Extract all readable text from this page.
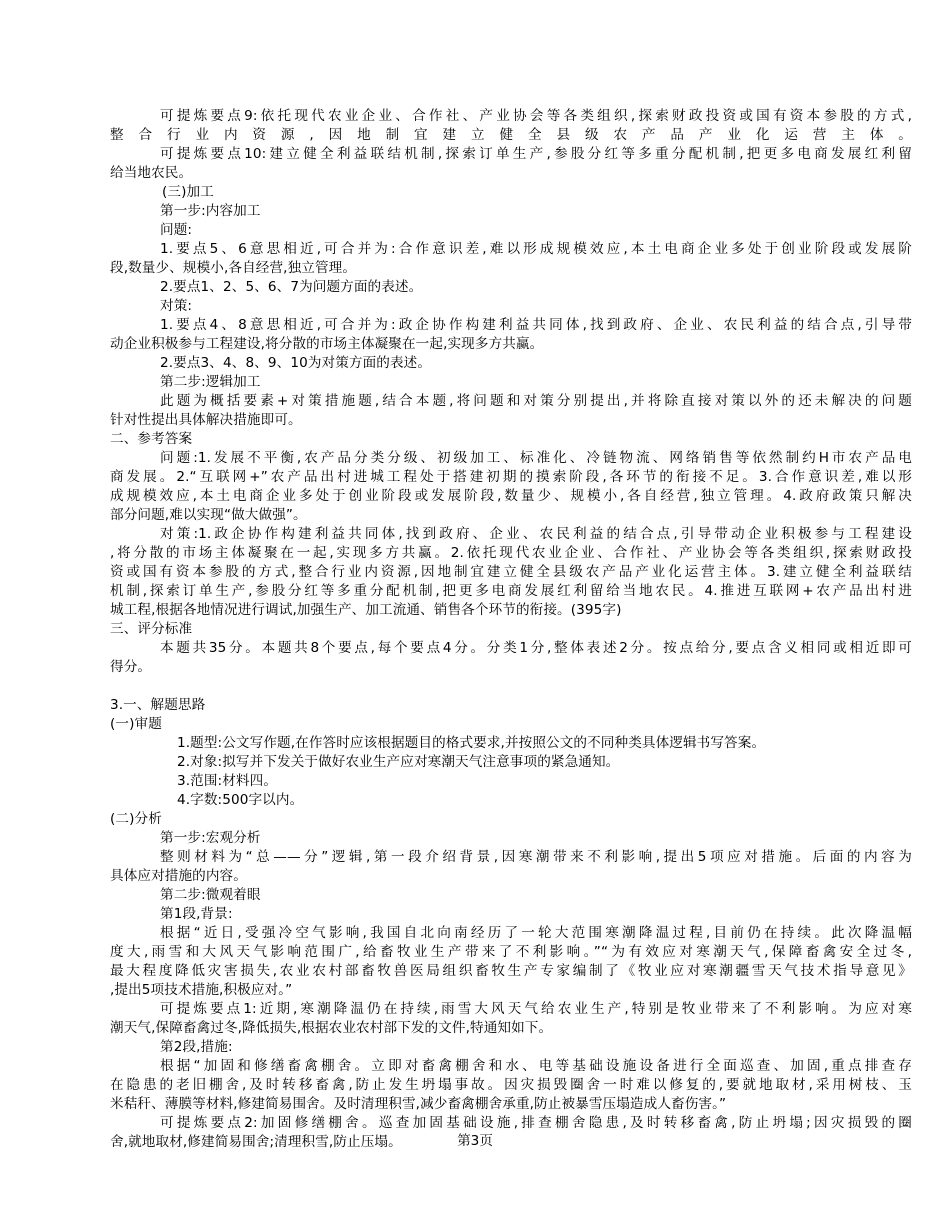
可提炼要点9:依托现代农业企业、合作社、产业协会等各类组织,探索财政投资或国有资本参股的方式,
整合行业内资源,因地制宜建立健全县级农产品产业化运营主体。
可提炼要点10:建立健全利益联结机制,探索订单生产,参股分红等多重分配机制,把更多电商发展红利留
给当地农民。
(三)加工
第一步:内容加工
问题:
1.要点5、6意思相近,可合并为:合作意识差,难以形成规模效应,本土电商企业多处于创业阶段或发展阶
段,数量少、规模小,各自经营,独立管理。
2.要点1、2、5、6、7为问题方面的表述。
对策:
1.要点4、8意思相近,可合并为:政企协作构建利益共同体,找到政府、企业、农民利益的结合点,引导带
动企业积极参与工程建设,将分散的市场主体凝聚在一起,实现多方共赢。
2.要点3、4、8、9、10为对策方面的表述。
第二步:逻辑加工
此题为概括要素+对策措施题,结合本题,将问题和对策分别提出,并将除直接对策以外的还未解决的问题
针对性提出具体解决措施即可。
二、参考答案
问题:1.发展不平衡,农产品分类分级、初级加工、标准化、冷链物流、网络销售等依然制约H市农产品电
商发展。2.“互联网+”农产品出村进城工程处于搭建初期的摸索阶段,各环节的衔接不足。3.合作意识差,难以形
成规模效应,本土电商企业多处于创业阶段或发展阶段,数量少、规模小,各自经营,独立管理。4.政府政策只解决
部分问题,难以实现“做大做强”。
对策:1.政企协作构建利益共同体,找到政府、企业、农民利益的结合点,引导带动企业积极参与工程建设
,将分散的市场主体凝聚在一起,实现多方共赢。2.依托现代农业企业、合作社、产业协会等各类组织,探索财政投
资或国有资本参股的方式,整合行业内资源,因地制宜建立健全县级农产品产业化运营主体。3.建立健全利益联结
机制,探索订单生产,参股分红等多重分配机制,把更多电商发展红利留给当地农民。4.推进互联网+农产品出村进
城工程,根据各地情况进行调试,加强生产、加工流通、销售各个环节的衔接。(395字)
三、评分标准
本题共35分。本题共8个要点,每个要点4分。分类1分,整体表述2分。按点给分,要点含义相同或相近即可
得分。
3.一、解题思路
(一)审题
1.题型:公文写作题,在作答时应该根据题目的格式要求,并按照公文的不同种类具体逻辑书写答案。
2.对象:拟写并下发关于做好农业生产应对寒潮天气注意事项的紧急通知。
3.范围:材料四。
4.字数:500字以内。
(二)分析
第一步:宏观分析
整则材料为“总——分”逻辑,第一段介绍背景,因寒潮带来不利影响,提出5项应对措施。后面的内容为
具体应对措施的内容。
第二步:微观着眼
第1段,背景:
根据“近日,受强冷空气影响,我国自北向南经历了一轮大范围寒潮降温过程,目前仍在持续。此次降温幅
度大,雨雪和大风天气影响范围广,给畜牧业生产带来了不利影响。”“为有效应对寒潮天气,保障畜禽安全过冬,
最大程度降低灾害损失,农业农村部畜牧兽医局组织畜牧生产专家编制了《牧业应对寒潮疆雪天气技术指导意见》
,提出5项技术措施,积极应对。”
可提炼要点1:近期,寒潮降温仍在持续,雨雪大风天气给农业生产,特别是牧业带来了不利影响。为应对寒
潮天气,保障畜禽过冬,降低损失,根据农业农村部下发的文件,特通知如下。
第2段,措施:
根据“加固和修缮畜禽棚舍。立即对畜禽棚舍和水、电等基础设施设备进行全面巡查、加固,重点排查存
在隐患的老旧棚舍,及时转移畜禽,防止发生坍塌事故。因灾损毁圈舍一时难以修复的,要就地取材,采用树枝、玉
米秸秆、薄膜等材料,修建简易围舍。及时清理积雪,减少畜禽棚舍承重,防止被暴雪压塌造成人畜伤害。”
可提炼要点2:加固修缮棚舍。巡查加固基础设施,排查棚舍隐患,及时转移畜禽,防止坍塌;因灾损毁的圈
舍,就地取材,修建简易围舍;清理积雪,防止压塌。	第3页
